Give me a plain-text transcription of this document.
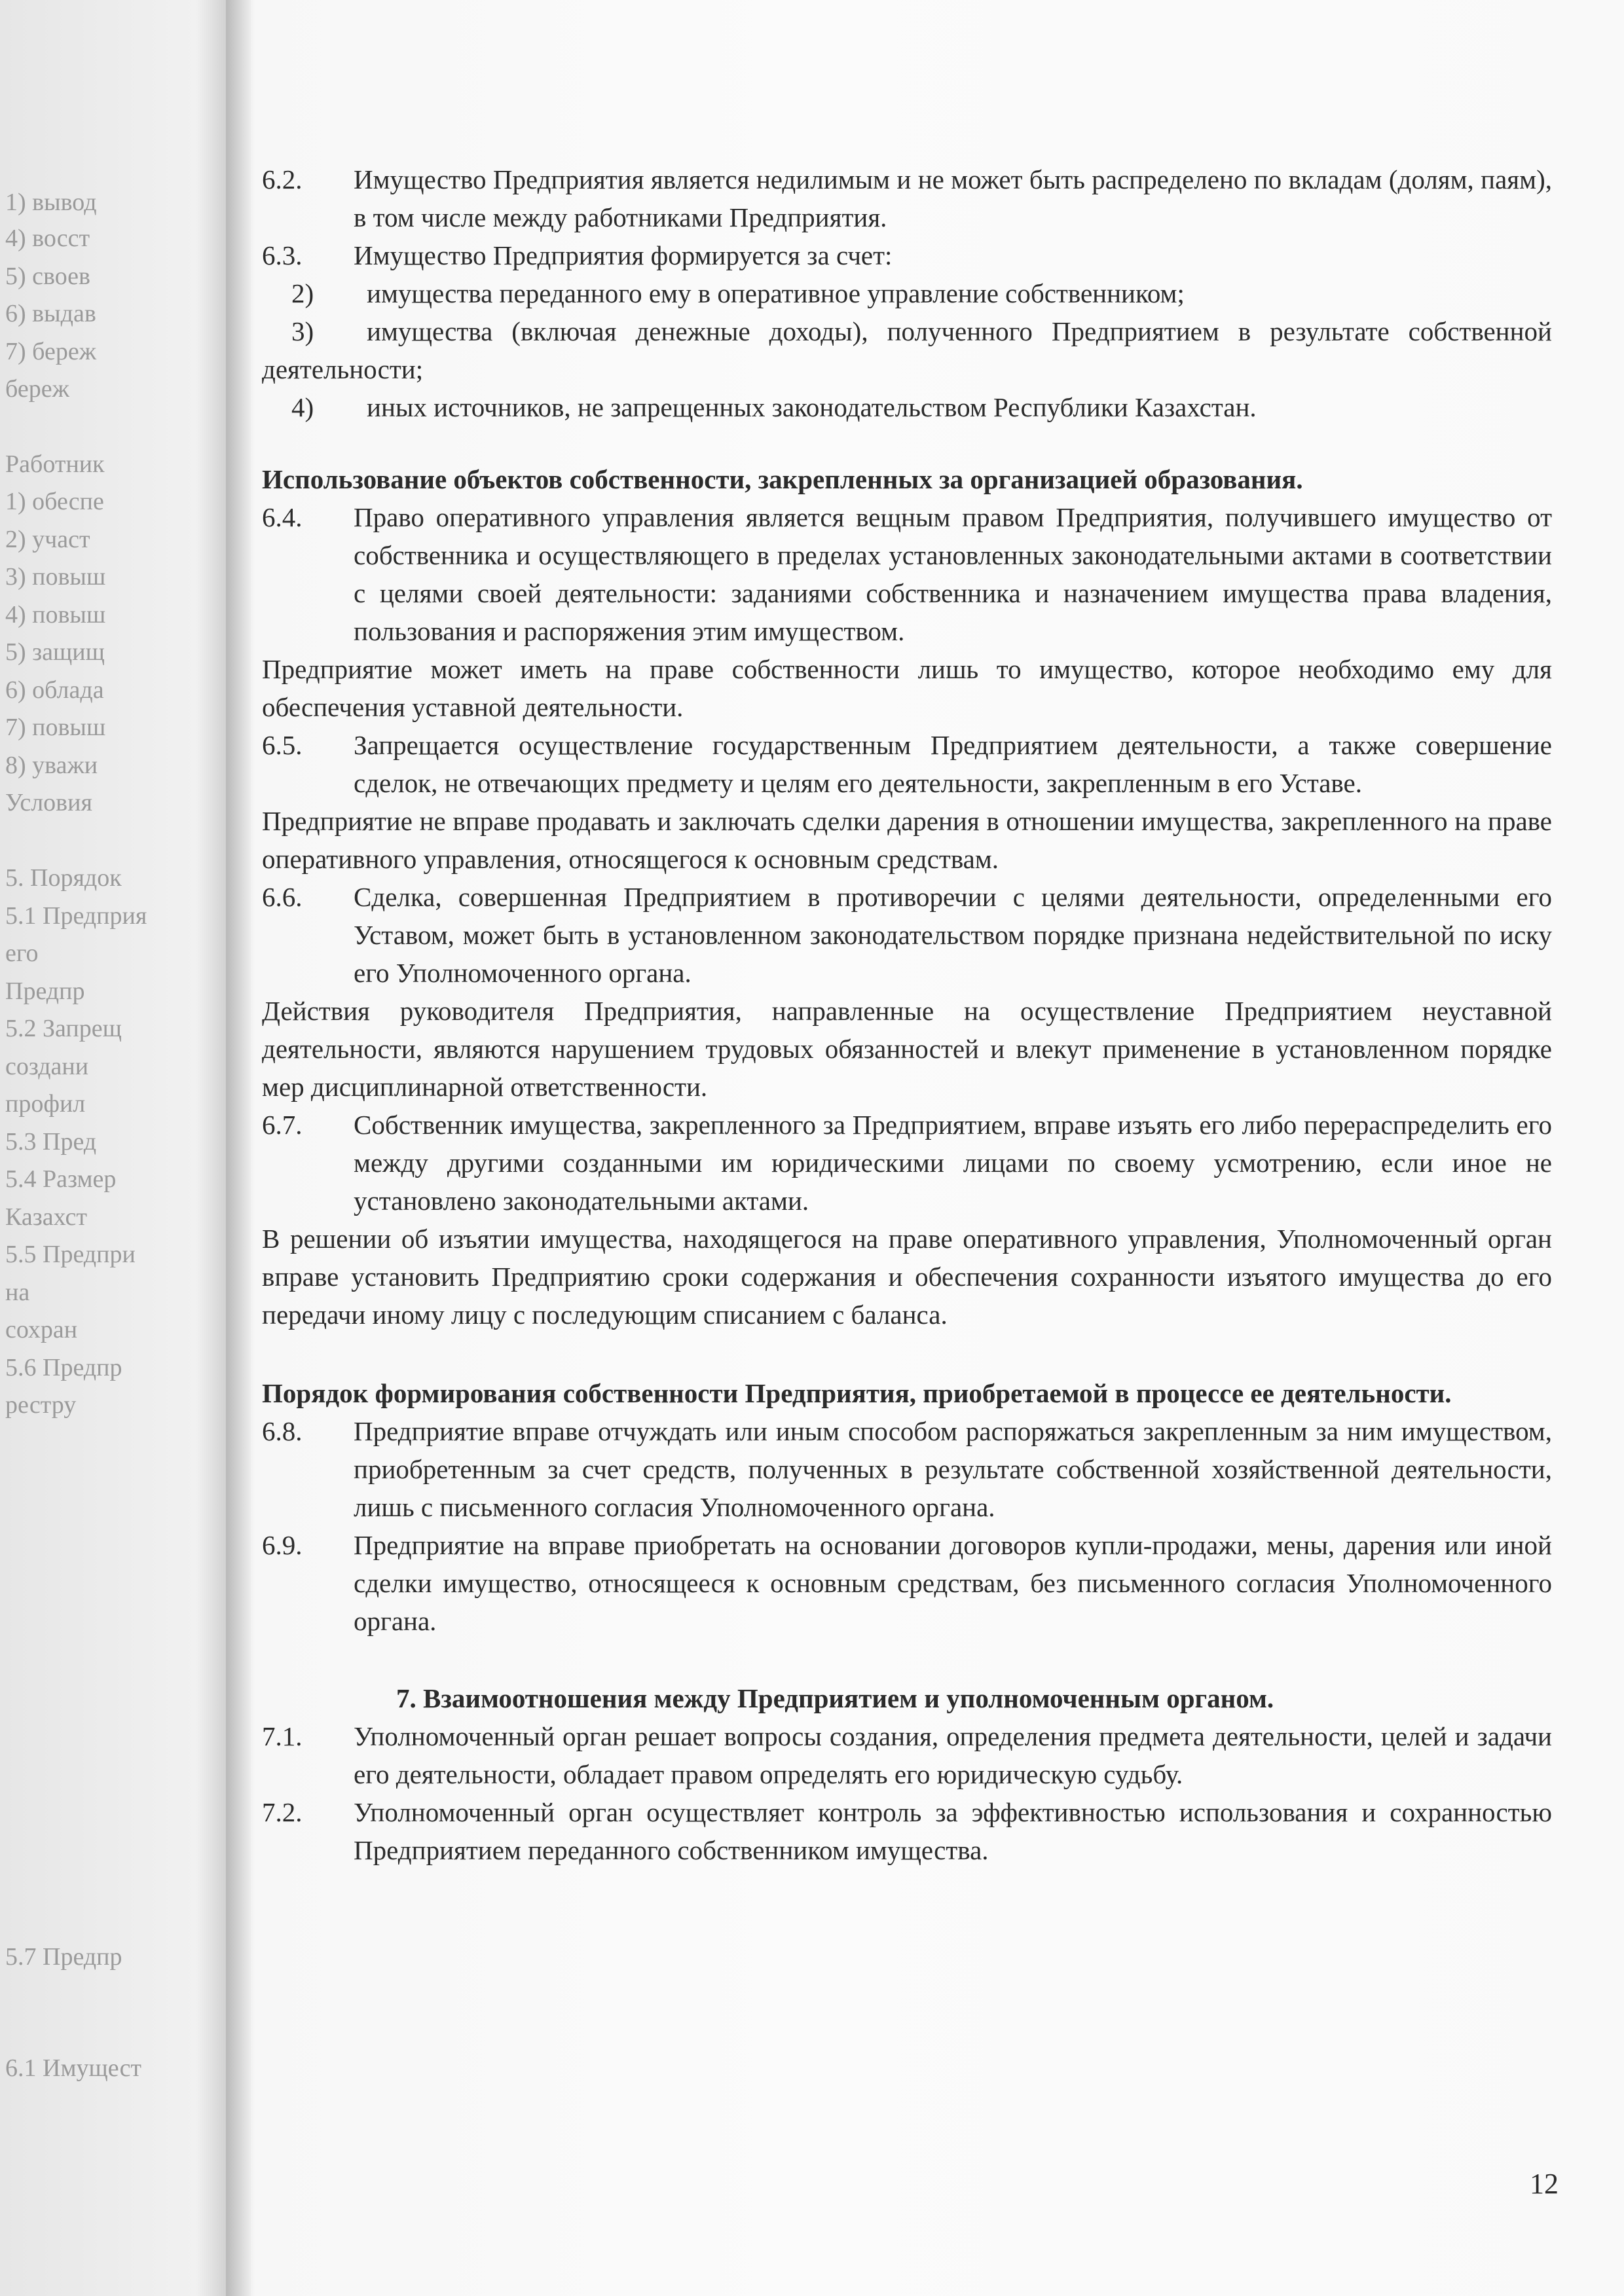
1) вывод
4) восст
5) своев
6) выдав
7) береж
береж
Работник
1) обеспе
2) участ
3) повыш
4) повыш
5) защищ
6) облада
7) повыш
8) уважи
Условия
5. Порядок
5.1 Предприя
его
Предпр
5.2 Запрещ
создани
профил
5.3 Пред
5.4 Размер
Казахст
5.5 Предпри
на
сохран
5.6 Предпр
рестру
5.7 Предпр
6.1 Имущест

6.2.	Имущество Предприятия является недилимым и не может быть распределено по вкладам (долям, паям), в том числе между работниками Предприятия.

6.3.	Имущество Предприятия формируется за счет:

2)	имущества переданного ему в оперативное управление собственником;

3)	имущества (включая денежные доходы), полученного Предприятием в результате собственной деятельности;

4)	иных источников, не запрещенных законодательством Республики Казахстан.

Использование объектов собственности, закрепленных за организацией образования.

6.4.	Право оперативного управления является вещным правом Предприятия, получившего имущество от собственника и осуществляющего в пределах установленных законодательными актами в соответствии с целями своей деятельности: заданиями собственника и назначением имущества права владения, пользования и распоряжения этим имуществом.

Предприятие может иметь на праве собственности лишь то имущество, которое необходимо ему для обеспечения уставной деятельности.

6.5.	Запрещается осуществление государственным Предприятием деятельности, а также совершение сделок, не отвечающих предмету и целям его деятельности, закрепленным в его Уставе.

Предприятие не вправе продавать и заключать сделки дарения в отношении имущества, закрепленного на праве оперативного управления, относящегося к основным средствам.

6.6.	Сделка, совершенная Предприятием в противоречии с целями деятельности, определенными его Уставом, может быть в установленном законодательством порядке признана недействительной по иску его Уполномоченного органа.

Действия руководителя Предприятия, направленные на осуществление Предприятием неуставной деятельности, являются нарушением трудовых обязанностей и влекут применение в установленном порядке мер дисциплинарной ответственности.

6.7.	Собственник имущества, закрепленного за Предприятием, вправе изъять его либо перераспределить его между другими созданными им юридическими лицами по своему усмотрению, если иное не установлено законодательными актами.

В решении об изъятии имущества, находящегося на праве оперативного управления, Уполномоченный орган вправе установить Предприятию сроки содержания и обеспечения сохранности изъятого имущества до его передачи иному лицу с последующим списанием с баланса.

Порядок формирования собственности Предприятия, приобретаемой в процессе ее деятельности.

6.8.	Предприятие вправе отчуждать или иным способом распоряжаться закрепленным за ним имуществом, приобретенным за счет средств, полученных в результате собственной хозяйственной деятельности, лишь с письменного согласия Уполномоченного органа.

6.9.	Предприятие на вправе приобретать на основании договоров купли-продажи, мены, дарения или иной сделки имущество, относящееся к основным средствам, без письменного согласия Уполномоченного органа.

7. Взаимоотношения между Предприятием и уполномоченным органом.

7.1.	Уполномоченный орган решает вопросы создания, определения предмета деятельности, целей и задачи его деятельности, обладает правом определять его юридическую судьбу.

7.2.	Уполномоченный орган осуществляет контроль за эффективностью использования и сохранностью Предприятием переданного собственником имущества.

12
